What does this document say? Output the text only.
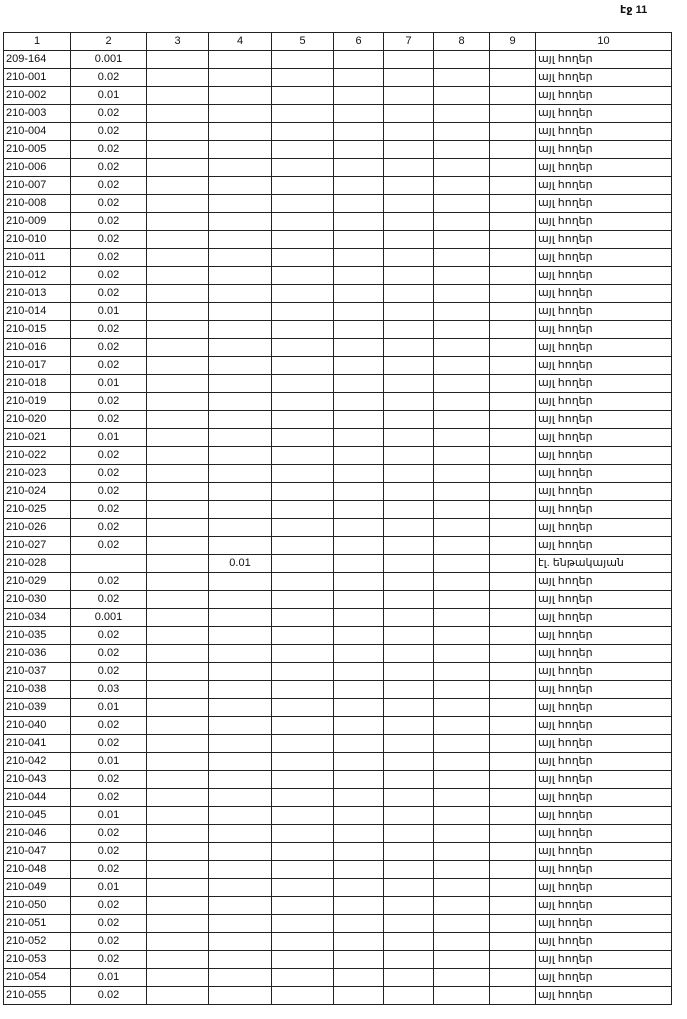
էջ 11
1	2	3	4	5	6	7	8	9	10
209-164	0.001								այլ հողեր
210-001	0.02								այլ հողեր
210-002	0.01								այլ հողեր
210-003	0.02								այլ հողեր
210-004	0.02								այլ հողեր
210-005	0.02								այլ հողեր
210-006	0.02								այլ հողեր
210-007	0.02								այլ հողեր
210-008	0.02								այլ հողեր
210-009	0.02								այլ հողեր
210-010	0.02								այլ հողեր
210-011	0.02								այլ հողեր
210-012	0.02								այլ հողեր
210-013	0.02								այլ հողեր
210-014	0.01								այլ հողեր
210-015	0.02								այլ հողեր
210-016	0.02								այլ հողեր
210-017	0.02								այլ հողեր
210-018	0.01								այլ հողեր
210-019	0.02								այլ հողեր
210-020	0.02								այլ հողեր
210-021	0.01								այլ հողեր
210-022	0.02								այլ հողեր
210-023	0.02								այլ հողեր
210-024	0.02								այլ հողեր
210-025	0.02								այլ հողեր
210-026	0.02								այլ հողեր
210-027	0.02								այլ հողեր
210-028			0.01						էլ. ենթակայան
210-029	0.02								այլ հողեր
210-030	0.02								այլ հողեր
210-034	0.001								այլ հողեր
210-035	0.02								այլ հողեր
210-036	0.02								այլ հողեր
210-037	0.02								այլ հողեր
210-038	0.03								այլ հողեր
210-039	0.01								այլ հողեր
210-040	0.02								այլ հողեր
210-041	0.02								այլ հողեր
210-042	0.01								այլ հողեր
210-043	0.02								այլ հողեր
210-044	0.02								այլ հողեր
210-045	0.01								այլ հողեր
210-046	0.02								այլ հողեր
210-047	0.02								այլ հողեր
210-048	0.02								այլ հողեր
210-049	0.01								այլ հողեր
210-050	0.02								այլ հողեր
210-051	0.02								այլ հողեր
210-052	0.02								այլ հողեր
210-053	0.02								այլ հողեր
210-054	0.01								այլ հողեր
210-055	0.02								այլ հողեր
